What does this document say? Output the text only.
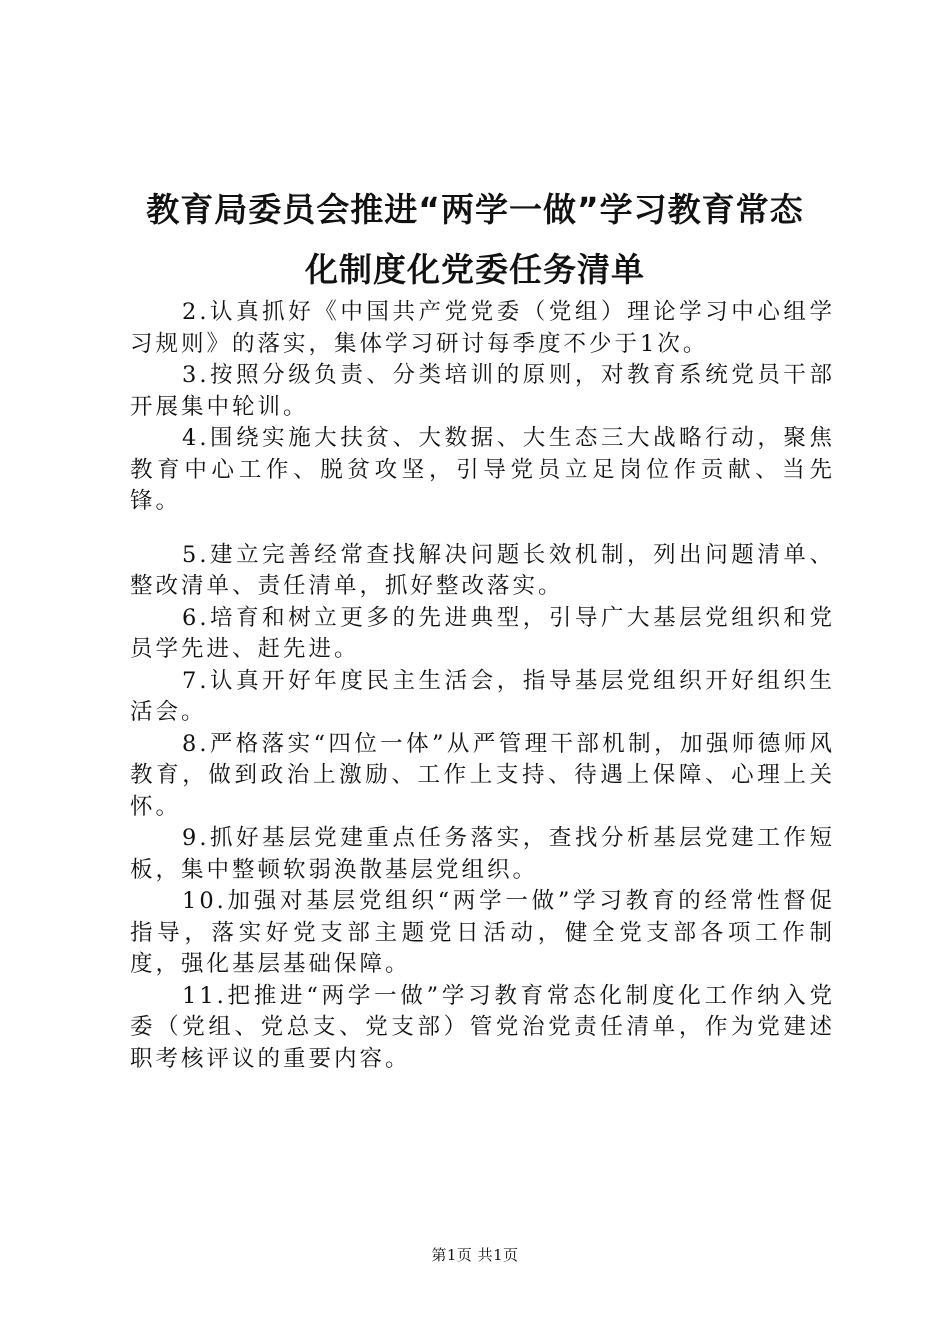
教育局委员会推进“两学一做”学习教育常态
化制度化党委任务清单

2.认真抓好《中国共产党党委（党组）理论学习中心组学习规则》的落实，集体学习研讨每季度不少于1次。

3.按照分级负责、分类培训的原则，对教育系统党员干部开展集中轮训。

4.围绕实施大扶贫、大数据、大生态三大战略行动，聚焦教育中心工作、脱贫攻坚，引导党员立足岗位作贡献、当先锋。

5.建立完善经常查找解决问题长效机制，列出问题清单、整改清单、责任清单，抓好整改落实。

6.培育和树立更多的先进典型，引导广大基层党组织和党员学先进、赶先进。

7.认真开好年度民主生活会，指导基层党组织开好组织生活会。

8.严格落实“四位一体”从严管理干部机制，加强师德师风教育，做到政治上激励、工作上支持、待遇上保障、心理上关怀。

9.抓好基层党建重点任务落实，查找分析基层党建工作短板，集中整顿软弱涣散基层党组织。

10.加强对基层党组织“两学一做”学习教育的经常性督促指导，落实好党支部主题党日活动，健全党支部各项工作制度，强化基层基础保障。

11.把推进“两学一做”学习教育常态化制度化工作纳入党委（党组、党总支、党支部）管党治党责任清单，作为党建述职考核评议的重要内容。

第1页 共1页
